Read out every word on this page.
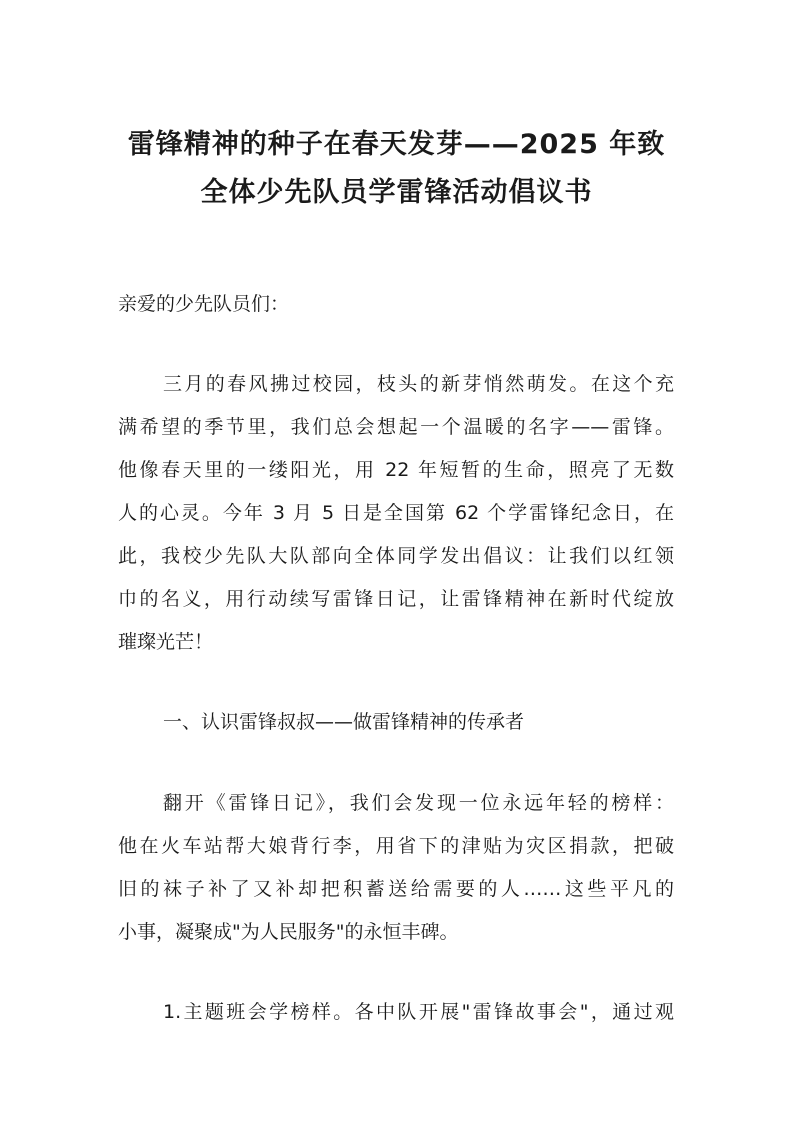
雷锋精神的种子在春天发芽——2025 年致
全体少先队员学雷锋活动倡议书
亲爱的少先队员们：
三月的春风拂过校园，枝头的新芽悄然萌发。在这个充
满希望的季节里，我们总会想起一个温暖的名字——雷锋。
他像春天里的一缕阳光，用 22 年短暂的生命，照亮了无数
人的心灵。今年 3 月 5 日是全国第 62 个学雷锋纪念日，在
此，我校少先队大队部向全体同学发出倡议：让我们以红领
巾的名义，用行动续写雷锋日记，让雷锋精神在新时代绽放
璀璨光芒！
一、认识雷锋叔叔——做雷锋精神的传承者
翻开《雷锋日记》，我们会发现一位永远年轻的榜样：
他在火车站帮大娘背行李，用省下的津贴为灾区捐款，把破
旧的袜子补了又补却把积蓄送给需要的人……这些平凡的
小事，凝聚成"为人民服务"的永恒丰碑。
1.主题班会学榜样。各中队开展"雷锋故事会"，通过观
